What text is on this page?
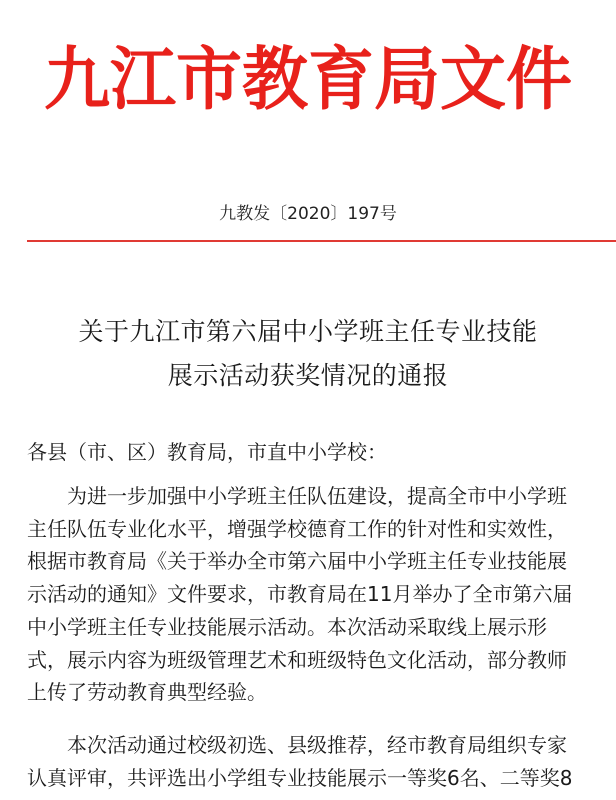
九江市教育局文件
九教发〔2020〕197号
关于九江市第六届中小学班主任专业技能
展示活动获奖情况的通报
各县（市、区）教育局，市直中小学校：
为进一步加强中小学班主任队伍建设，提高全市中小学班
主任队伍专业化水平，增强学校德育工作的针对性和实效性，
根据市教育局《关于举办全市第六届中小学班主任专业技能展
示活动的通知》文件要求，市教育局在11月举办了全市第六届
中小学班主任专业技能展示活动。本次活动采取线上展示形
式，展示内容为班级管理艺术和班级特色文化活动，部分教师
上传了劳动教育典型经验。
本次活动通过校级初选、县级推荐，经市教育局组织专家
认真评审，共评选出小学组专业技能展示一等奖6名、二等奖8
